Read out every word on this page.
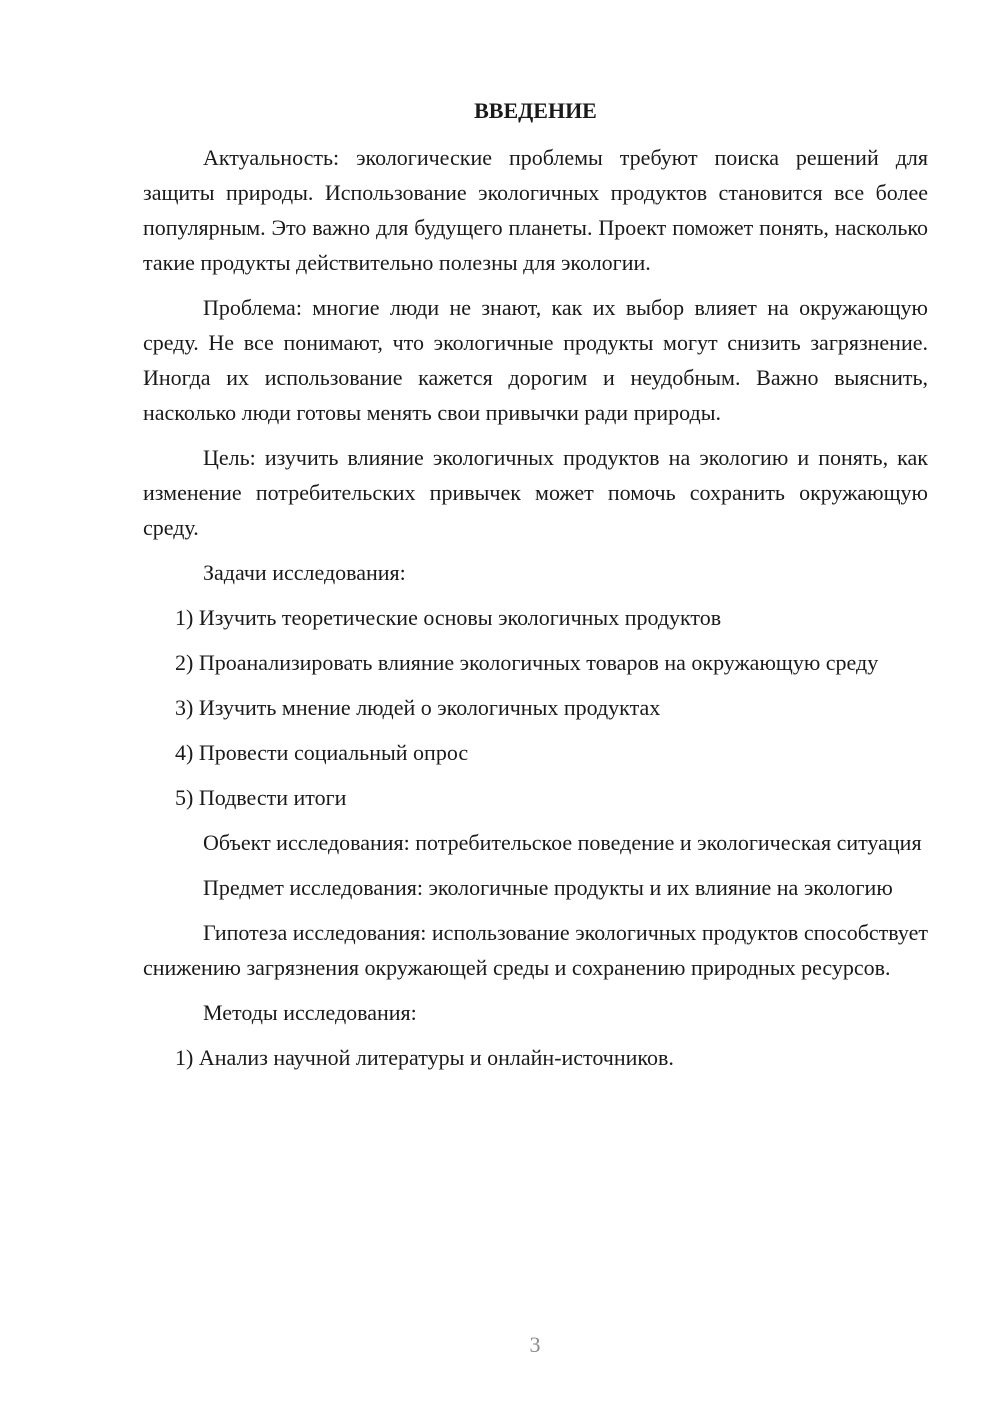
ВВЕДЕНИЕ

Актуальность: экологические проблемы требуют поиска решений для защиты природы. Использование экологичных продуктов становится все более популярным. Это важно для будущего планеты. Проект поможет понять, насколько такие продукты действительно полезны для экологии.

Проблема: многие люди не знают, как их выбор влияет на окружающую среду. Не все понимают, что экологичные продукты могут снизить загрязнение. Иногда их использование кажется дорогим и неудобным. Важно выяснить, насколько люди готовы менять свои привычки ради природы.

Цель: изучить влияние экологичных продуктов на экологию и понять, как изменение потребительских привычек может помочь сохранить окружающую среду.

Задачи исследования:

1) Изучить теоретические основы экологичных продуктов

2) Проанализировать влияние экологичных товаров на окружающую среду

3) Изучить мнение людей о экологичных продуктах

4) Провести социальный опрос

5) Подвести итоги

Объект исследования: потребительское поведение и экологическая ситуация

Предмет исследования: экологичные продукты и их влияние на экологию

Гипотеза исследования: использование экологичных продуктов способствует снижению загрязнения окружающей среды и сохранению природных ресурсов.

Методы исследования:

1) Анализ научной литературы и онлайн-источников.

3
